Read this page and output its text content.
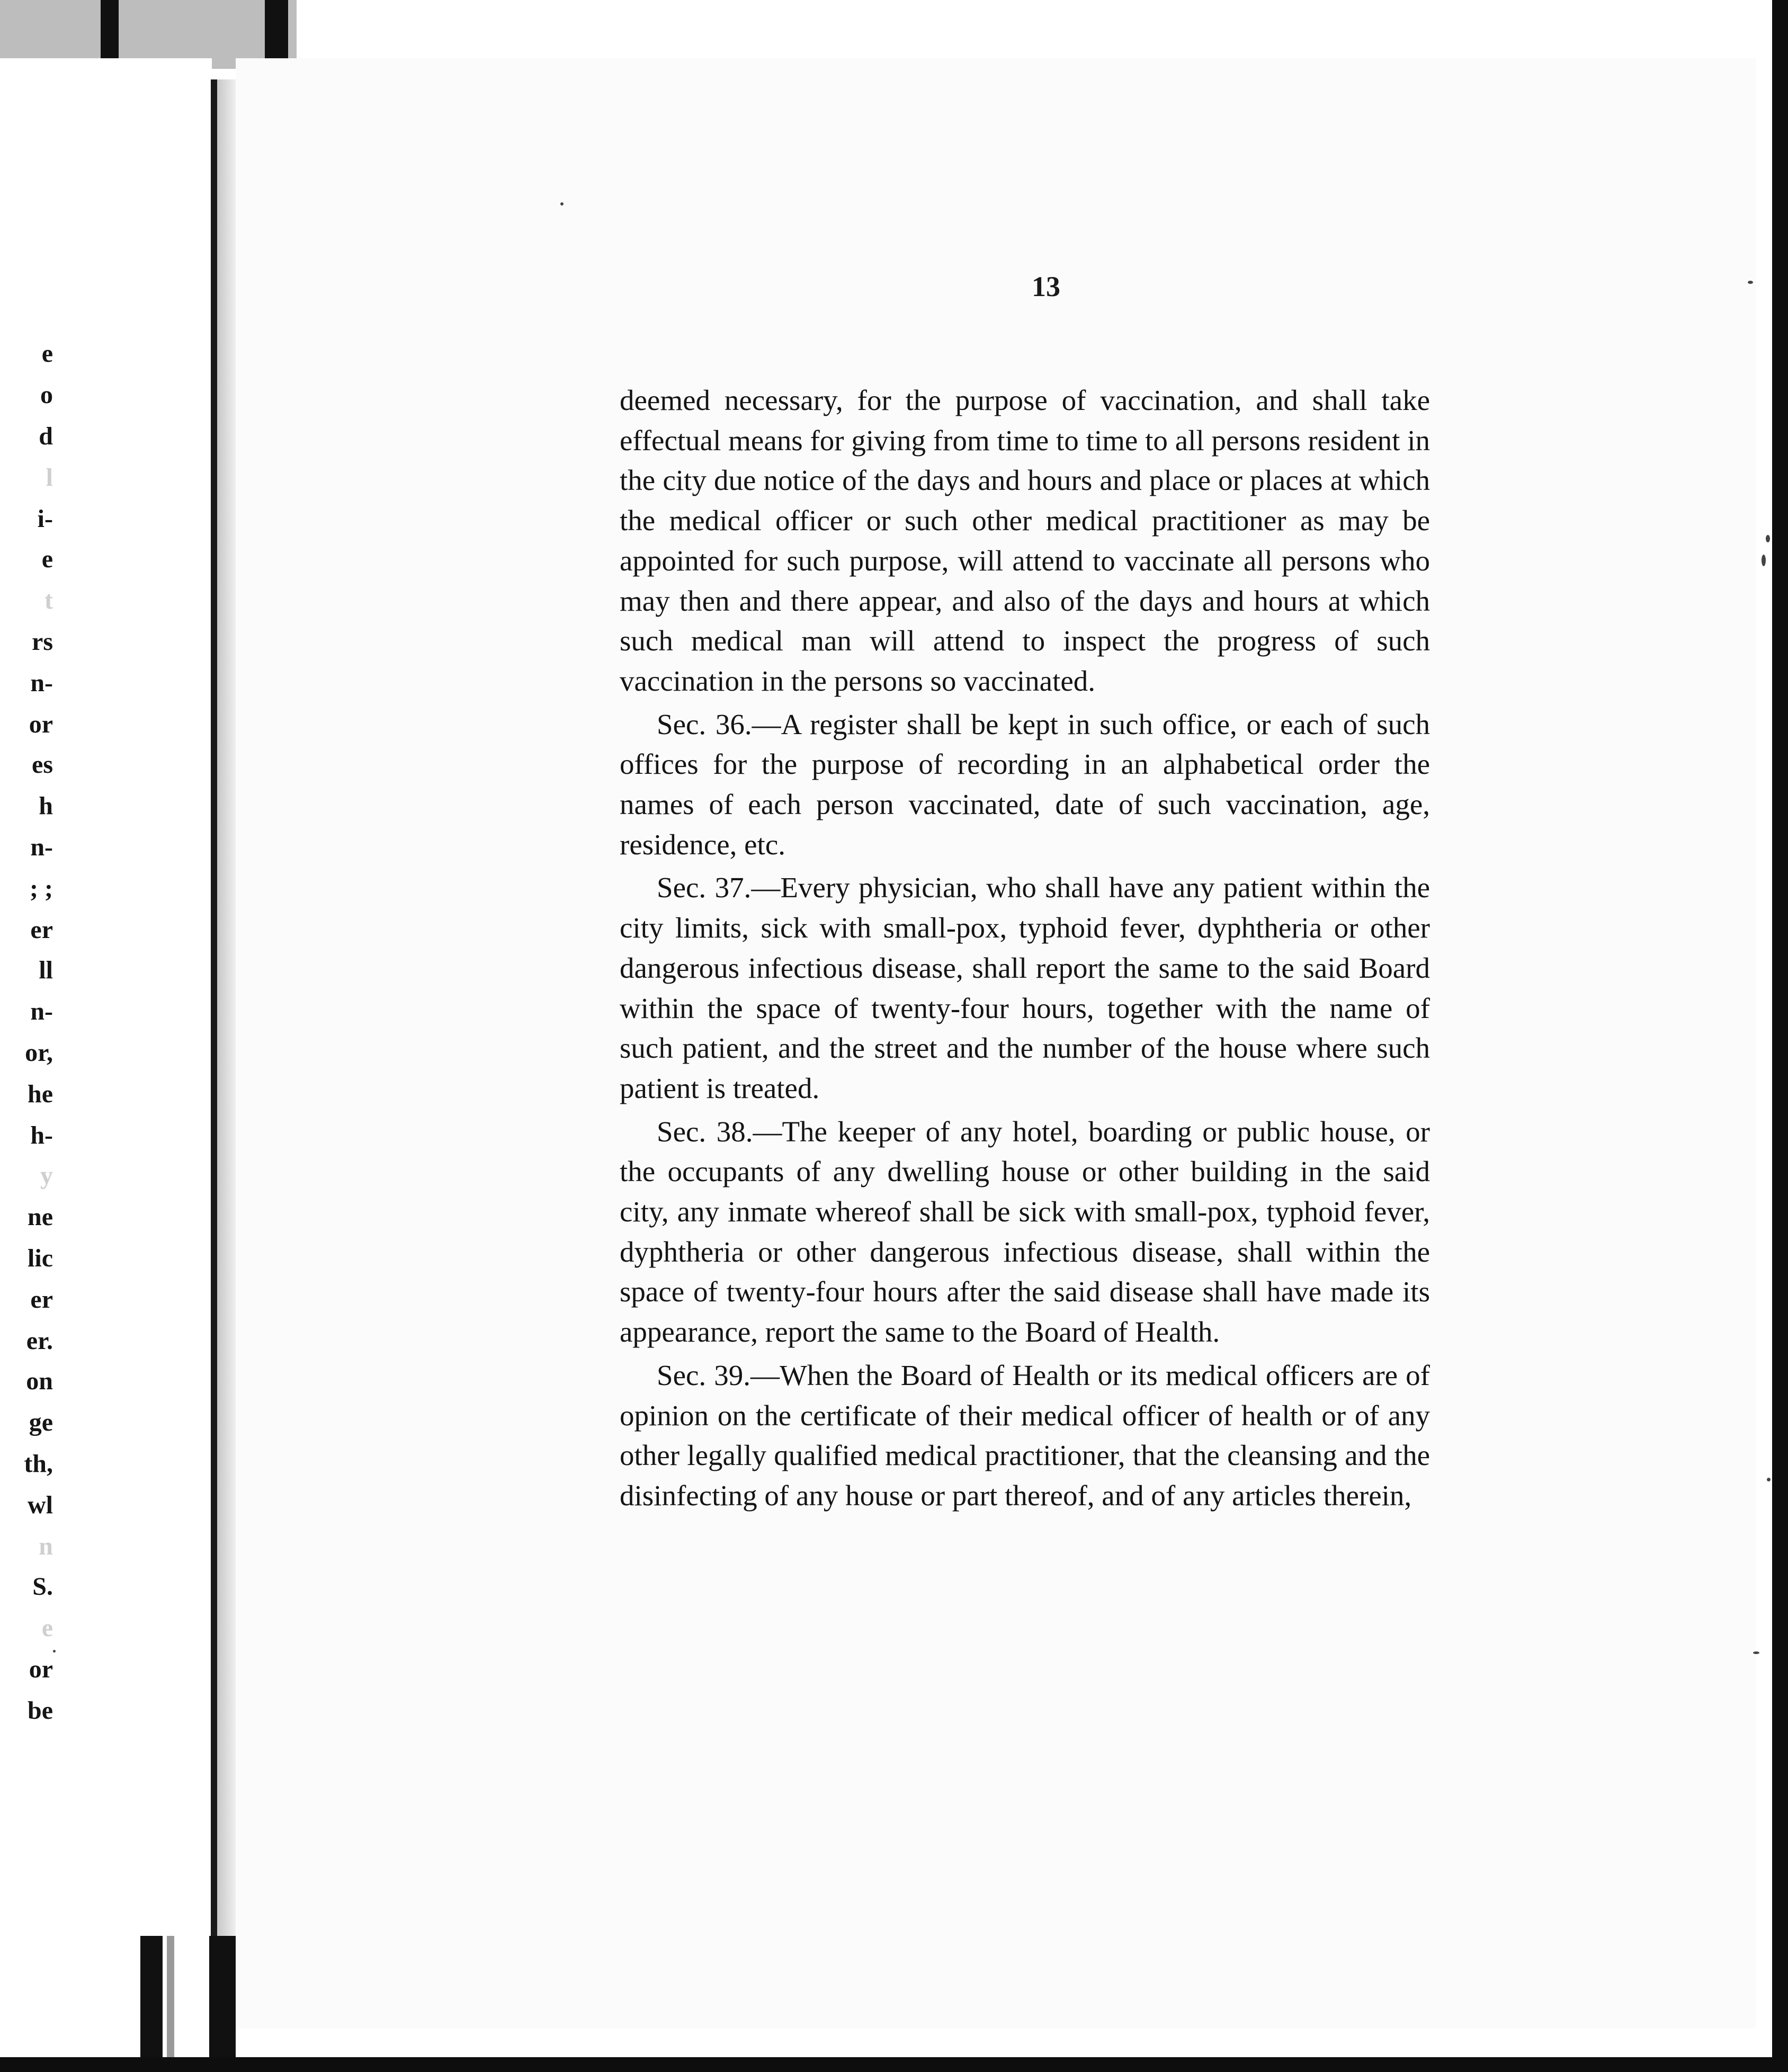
e
o
d
l
i-
e
t
rs
n-
or
es
h
n-
; ;
er
ll
n-
or,
he
h-
y
ne
lic
er
er.
on
ge
th,
wl
n
S.
e
or
be
13

deemed necessary, for the purpose of vaccination, and shall take effectual means for giving from time to time to all persons resident in the city due notice of the days and hours and place or places at which the medical officer or such other medical practitioner as may be appointed for such purpose, will attend to vaccinate all persons who may then and there appear, and also of the days and hours at which such medical man will attend to inspect the progress of such vaccination in the persons so vaccinated.

Sec. 36.—A register shall be kept in such office, or each of such offices for the purpose of recording in an alphabetical order the names of each person vaccinated, date of such vaccination, age, residence, etc.

Sec. 37.—Every physician, who shall have any patient within the city limits, sick with small-pox, typhoid fever, dyphtheria or other dangerous infectious disease, shall report the same to the said Board within the space of twenty-four hours, together with the name of such patient, and the street and the number of the house where such patient is treated.

Sec. 38.—The keeper of any hotel, boarding or public house, or the occupants of any dwelling house or other building in the said city, any inmate whereof shall be sick with small-pox, typhoid fever, dyphtheria or other dangerous infectious disease, shall within the space of twenty-four hours after the said disease shall have made its appearance, report the same to the Board of Health.

Sec. 39.—When the Board of Health or its medical officers are of opinion on the certificate of their medical officer of health or of any other legally qualified medical practitioner, that the cleansing and the disinfecting of any house or part thereof, and of any articles therein,
